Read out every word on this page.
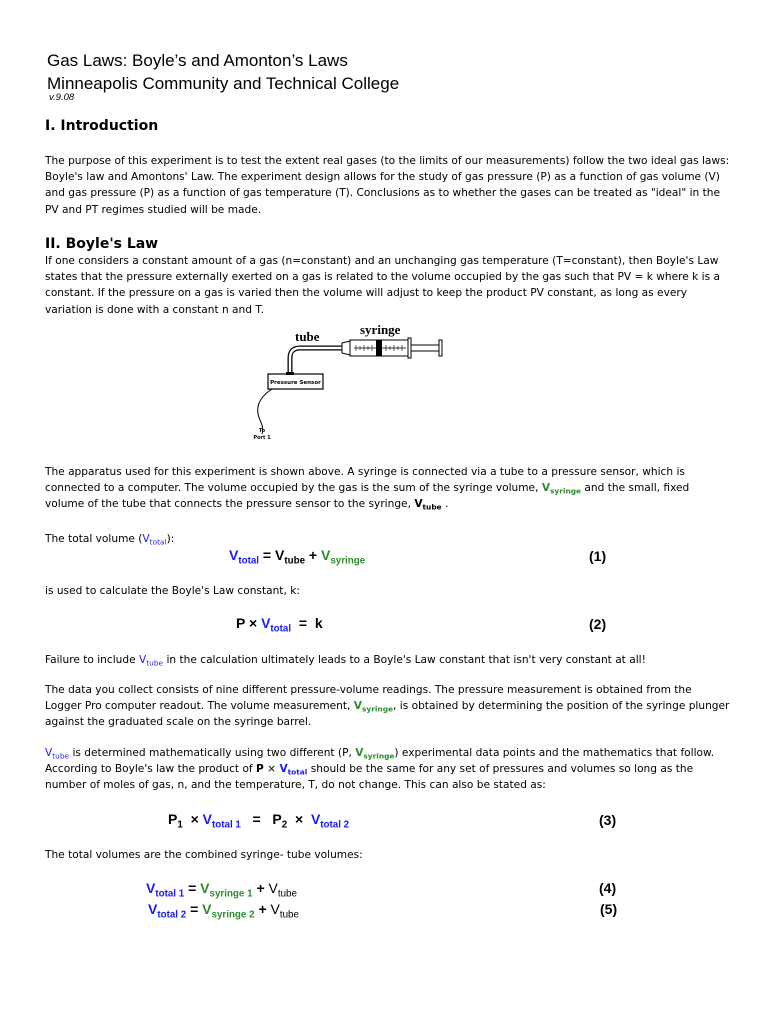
Gas Laws: Boyle’s and Amonton’s Laws
Minneapolis Community and Technical College
v.9.08
I. Introduction
The purpose of this experiment is to test the extent real gases (to the limits of our measurements) follow the two ideal gas laws: Boyle's law and Amontons' Law. The experiment design allows for the study of gas pressure (P) as a function of gas volume (V) and gas pressure (P) as a function of gas temperature (T). Conclusions as to whether the gases can be treated as "ideal" in the PV and PT regimes studied will be made.
II. Boyle's Law
If one considers a constant amount of a gas (n=constant) and an unchanging gas temperature (T=constant), then Boyle's Law states that the pressure externally exerted on a gas is related to the volume occupied by the gas such that PV = k where k is a constant. If the pressure on a gas is varied then the volume will adjust to keep the product PV constant, as long as every variation is done with a constant n and T.
tube	syringe
Pressure Sensor
To
Port 1
The apparatus used for this experiment is shown above. A syringe is connected via a tube to a pressure sensor, which is connected to a computer. The volume occupied by the gas is the sum of the syringe volume, $V_{syringe}$ and the small, fixed volume of the tube that connects the pressure sensor to the syringe, $V_{tube}$ .
The total volume $(V_{total})$:
$V_{total} = V_{tube} + V_{syringe}$	(1)
is used to calculate the Boyle's Law constant, k:
$P \times V_{total} = k$	(2)
Failure to include $V_{tube}$ in the calculation ultimately leads to a Boyle's Law constant that isn't very constant at all!
The data you collect consists of nine different pressure-volume readings. The pressure measurement is obtained from the Logger Pro computer readout. The volume measurement, $V_{syringe}$, is obtained by determining the position of the syringe plunger against the graduated scale on the syringe barrel.
$V_{tube}$ is determined mathematically using two different (P, $V_{syringe}$) experimental data points and the mathematics that follow. According to Boyle's law the product of $P \times V_{total}$ should be the same for any set of pressures and volumes so long as the number of moles of gas, n, and the temperature, T, do not change. This can also be stated as:
$P_1 \times V_{total 1} = P_2 \times V_{total 2}$	(3)
The total volumes are the combined syringe- tube volumes:
$V_{total 1} = V_{syringe 1} + V_{tube}$	(4)
$V_{total 2} = V_{syringe 2} + V_{tube}$	(5)
